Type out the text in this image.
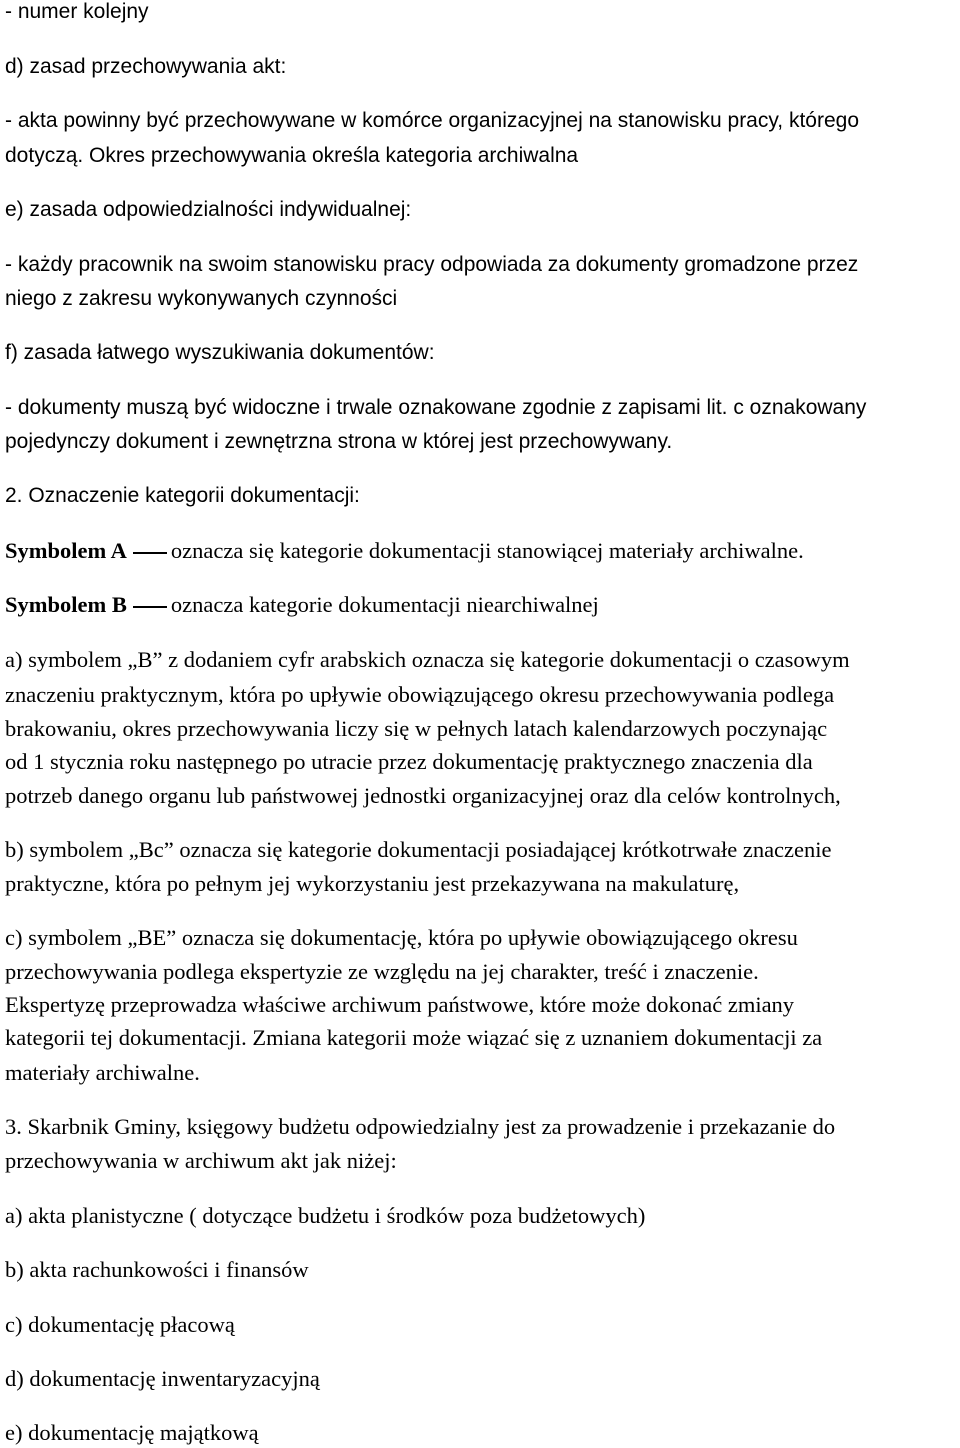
- numer kolejny
d) zasad przechowywania akt:
- akta powinny być przechowywane w komórce organizacyjnej na stanowisku pracy, którego
dotyczą. Okres przechowywania określa kategoria archiwalna
e) zasada odpowiedzialności indywidualnej:
- każdy pracownik na swoim stanowisku pracy odpowiada za dokumenty gromadzone przez
niego z zakresu wykonywanych czynności
f) zasada łatwego wyszukiwania dokumentów:
- dokumenty muszą być widoczne i trwale oznakowane zgodnie z zapisami lit. c oznakowany
pojedynczy dokument i zewnętrzna strona w której jest przechowywany.
2. Oznaczenie kategorii dokumentacji:
Symbolem A oznacza się kategorie dokumentacji stanowiącej materiały archiwalne.
Symbolem B oznacza kategorie dokumentacji niearchiwalnej
a) symbolem „B” z dodaniem cyfr arabskich oznacza się kategorie dokumentacji o czasowym
znaczeniu praktycznym, która po upływie obowiązującego okresu przechowywania podlega
brakowaniu, okres przechowywania liczy się w pełnych latach kalendarzowych poczynając
od 1 stycznia roku następnego po utracie przez dokumentację praktycznego znaczenia dla
potrzeb danego organu lub państwowej jednostki organizacyjnej oraz dla celów kontrolnych,
b) symbolem „Bc” oznacza się kategorie dokumentacji posiadającej krótkotrwałe znaczenie
praktyczne, która po pełnym jej wykorzystaniu jest przekazywana na makulaturę,
c) symbolem „BE” oznacza się dokumentację, która po upływie obowiązującego okresu
przechowywania podlega ekspertyzie ze względu na jej charakter, treść i znaczenie.
Ekspertyzę przeprowadza właściwe archiwum państwowe, które może dokonać zmiany
kategorii tej dokumentacji. Zmiana kategorii może wiązać się z uznaniem dokumentacji za
materiały archiwalne.
3. Skarbnik Gminy, księgowy budżetu odpowiedzialny jest za prowadzenie i przekazanie do
przechowywania w archiwum akt jak niżej:
a) akta planistyczne ( dotyczące budżetu i środków poza budżetowych)
b) akta rachunkowości i finansów
c) dokumentację płacową
d) dokumentację inwentaryzacyjną
e) dokumentację majątkową
